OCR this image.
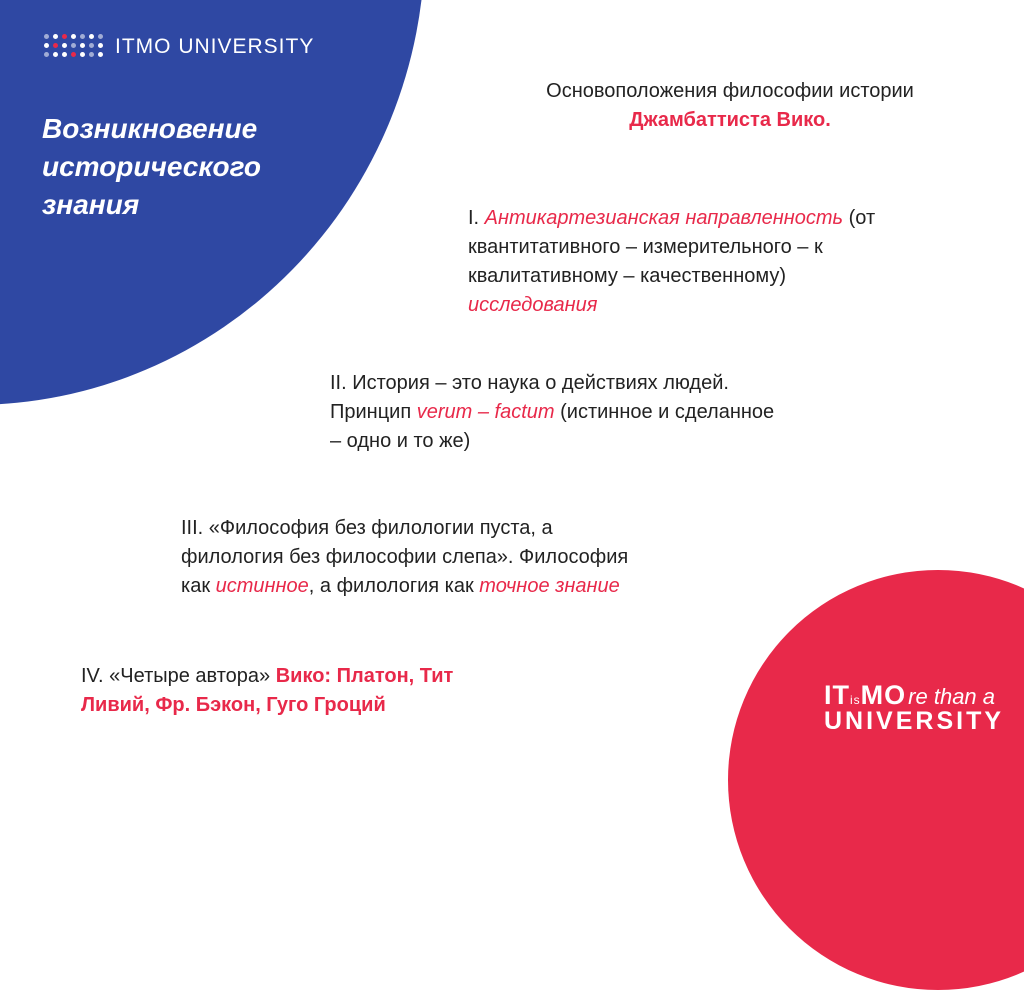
ITMO UNIVERSITY
Возникновение
исторического
знания
Основоположения философии истории
Джамбаттиста Вико.
I. Антикартезианская направленность (от
квантитативного – измерительного – к
квалитативному – качественному)
исследования
II. История – это наука о действиях людей.
Принцип verum – factum (истинное и сделанное
– одно и то же)
III. «Философия без филологии пуста, а
филология без философии слепа». Философия
как истинное, а филология как точное знание
IV. «Четыре автора» Вико: Платон, Тит
Ливий, Фр. Бэкон, Гуго Гроций	IT is MO re than a
UNIVERSITY
